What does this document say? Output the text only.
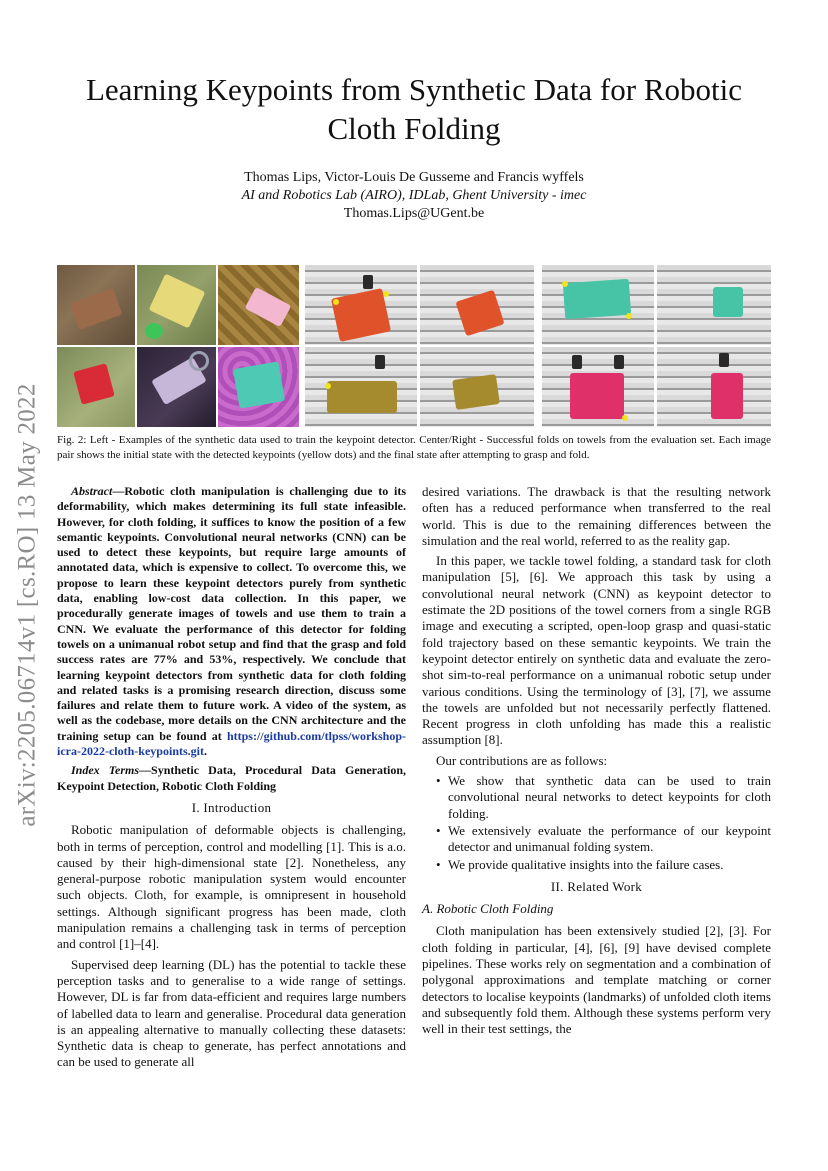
arXiv:2205.06714v1 [cs.RO] 13 May 2022
Learning Keypoints from Synthetic Data for Robotic Cloth Folding
Thomas Lips, Victor-Louis De Gusseme and Francis wyffels
AI and Robotics Lab (AIRO), IDLab, Ghent University - imec
Thomas.Lips@UGent.be
Fig. 2: Left - Examples of the synthetic data used to train the keypoint detector. Center/Right - Successful folds on towels from the evaluation set. Each image pair shows the initial state with the detected keypoints (yellow dots) and the final state after attempting to grasp and fold.

Abstract—Robotic cloth manipulation is challenging due to its deformability, which makes determining its full state infeasible. However, for cloth folding, it suffices to know the position of a few semantic keypoints. Convolutional neural networks (CNN) can be used to detect these keypoints, but require large amounts of annotated data, which is expensive to collect. To overcome this, we propose to learn these keypoint detectors purely from synthetic data, enabling low-cost data collection. In this paper, we procedurally generate images of towels and use them to train a CNN. We evaluate the performance of this detector for folding towels on a unimanual robot setup and find that the grasp and fold success rates are 77% and 53%, respectively. We conclude that learning keypoint detectors from synthetic data for cloth folding and related tasks is a promising research direction, discuss some failures and relate them to future work. A video of the system, as well as the codebase, more details on the CNN architecture and the training setup can be found at https://github.com/tlpss/workshop-icra-2022-cloth-keypoints.git.

Index Terms—Synthetic Data, Procedural Data Generation, Keypoint Detection, Robotic Cloth Folding

I. Introduction

Robotic manipulation of deformable objects is challenging, both in terms of perception, control and modelling [1]. This is a.o. caused by their high-dimensional state [2]. Nonetheless, any general-purpose robotic manipulation system would encounter such objects. Cloth, for example, is omnipresent in household settings. Although significant progress has been made, cloth manipulation remains a challenging task in terms of perception and control [1]–[4].

Supervised deep learning (DL) has the potential to tackle these perception tasks and to generalise to a wide range of settings. However, DL is far from data-efficient and requires large numbers of labelled data to learn and generalise. Procedural data generation is an appealing alternative to manually collecting these datasets: Synthetic data is cheap to generate, has perfect annotations and can be used to generate all

desired variations. The drawback is that the resulting network often has a reduced performance when transferred to the real world. This is due to the remaining differences between the simulation and the real world, referred to as the reality gap.

In this paper, we tackle towel folding, a standard task for cloth manipulation [5], [6]. We approach this task by using a convolutional neural network (CNN) as keypoint detector to estimate the 2D positions of the towel corners from a single RGB image and executing a scripted, open-loop grasp and quasi-static fold trajectory based on these semantic keypoints. We train the keypoint detector entirely on synthetic data and evaluate the zero-shot sim-to-real performance on a unimanual robotic setup under various conditions. Using the terminology of [3], [7], we assume the towels are unfolded but not necessarily perfectly flattened. Recent progress in cloth unfolding has made this a realistic assumption [8].

Our contributions are as follows:

• We show that synthetic data can be used to train convolutional neural networks to detect keypoints for cloth folding.
• We extensively evaluate the performance of our keypoint detector and unimanual folding system.
• We provide qualitative insights into the failure cases.
II. Related Work
A. Robotic Cloth Folding

Cloth manipulation has been extensively studied [2], [3]. For cloth folding in particular, [4], [6], [9] have devised complete pipelines. These works rely on segmentation and a combination of polygonal approximations and template matching or corner detectors to localise keypoints (landmarks) of unfolded cloth items and subsequently fold them. Although these systems perform very well in their test settings, the
